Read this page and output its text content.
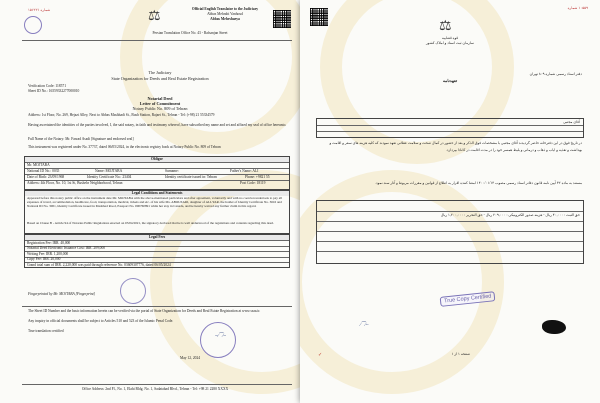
⚖
۱۵۶۲۲۱ شماره	Official English Translator to the Judiciary
Abbas Mehrabi Vanhoud
Abbas Mehrshaeya
Persian Translation Office No. 43 - Rafsanjan Street
The Judiciary
State Organization for Deeds and Real Estate Registration
Verification Code: 118571
Sheet ID No.: 16559332277000010
Notarial Deed
Letter of Commitment
Notary Public No. 809 of Tehran
Address: 1st Floor, No. 269, Hejazi Alley, Next to Abbas Mashhadi St., Bush Station, Rajaei St., Tehran - Tel: (+98) 21 55334579
Having ascertained the identities of the parties involved, I, the said notary, in faith and testimony whereof, have subscribed my name and set and affixed my seal of office hereunto.
Full Name of the Notary: Mr. Farzad Asadi [Signature and endorsed seal]
This instrument was registered under No. 37737, dated 06/05/2024, in the electronic registry book at Notary Public No. 809 of Tehran
Obligor
Mr. MOJTABA
National ID No.: 0035	Name: MOJTABA	Surname:	Father's Name: ALI
Date of Birth: 23/09/1968	Identity Certificate No.: 23404	Identity certificate issued in: Tehran	Phone: +9821 55
Address: 4th Floor, No. 10, 1st St, Bushehr Neighborhood, Tehran	Post Code: 18119
Legal Conditions and Statements
Appeared before this notary public office on the instrument date Mr. MOJTABA with the above-mentioned particulars and after agreement, voluntarily and with no coercion undertook to pay all expenses of travel, accommodation, healthcare, food, transportation, medical, tickets and etc. of his wife Ms. ABOUZARI, daughter of ALI-YAR, the holder of Identity Certificate No. 3616 and National ID No. 3001, Identity Certificate issued in Mashhad Rood, Passport No. 000760891 while her stay in Canada, and he hereby waived any further claim in this regard.
Based on Clause B - Article 94 of Notaries Public Regulations enacted on 03/04/2021, the signatory declared that he is well understood of the regulations and contents regarding this deed.
Legal Fees
Registration Fee: IRR. 40,000
Notarial Deed Electronic Issuance Cost: IRR. 209,000
Writing Fee: IRR. 1,200,000
Copy Fee: IRR. 20,000
Grand total sum of IRR. 2,220,000 was paid through reference No. 03609307776, dated 06/05/2024
Fingerprinted by Mr. MOJTABA [Fingerprint]
The Sheet ID Number and the basic information herein can be verified via the portal of State Organization for Deeds and Real Estate Registration at www.ssaa.ir.
Any inquiry in official documents shall be subject to Articles 510 and 523 of the Islamic Penal Code.
True translation certified
~∕⁀∕~
May 12, 2024
Office Address: 2nd Fl., No. 1, Elahi Bldg. No. 1, Sadatabad Blvd., Tehran - Tel: +98 21 2280 XXXX
۱۰۵۵۹ شماره
⚖
قوه قضاییه
سازمان ثبت اسناد و املاک کشور
تعهدنامه
دفتر اسناد رسمی شماره ۸۰۹ تهران
آقای مجتبی
در تاریخ فوق در این دفترخانه حاضر گردیدند آقای مجتبی با مشخصات فوق الذکر و بعد از حضور در کمال صحت و سلامت عقلانی تعهد نمودند که کلیه هزینه های سفر و اقامت و بهداشت و تغذیه و ایاب و ذهاب و درمانی و بلیط همسر خود را در مدت اقامت در کانادا بپردازد.
مستند به ماده ۳۲ آیین نامه قانون دفاتر اسناد رسمی مصوب ۱۴۰۰/۰۱/۱۴ امضا کننده اقرار به اطلاع از قوانین و مقررات مربوط و آثار سند نمود.
حق الثبت : ۴۰,۰۰۰ ریال - هزینه صدور الکترونیکی : ۲۰۹,۰۰۰ ریال - حق التحریر : ۱,۲۰۰,۰۰۰ ریال
True Copy Certified
∕⁀∕~
✓	صفحه ۱ از ۱
